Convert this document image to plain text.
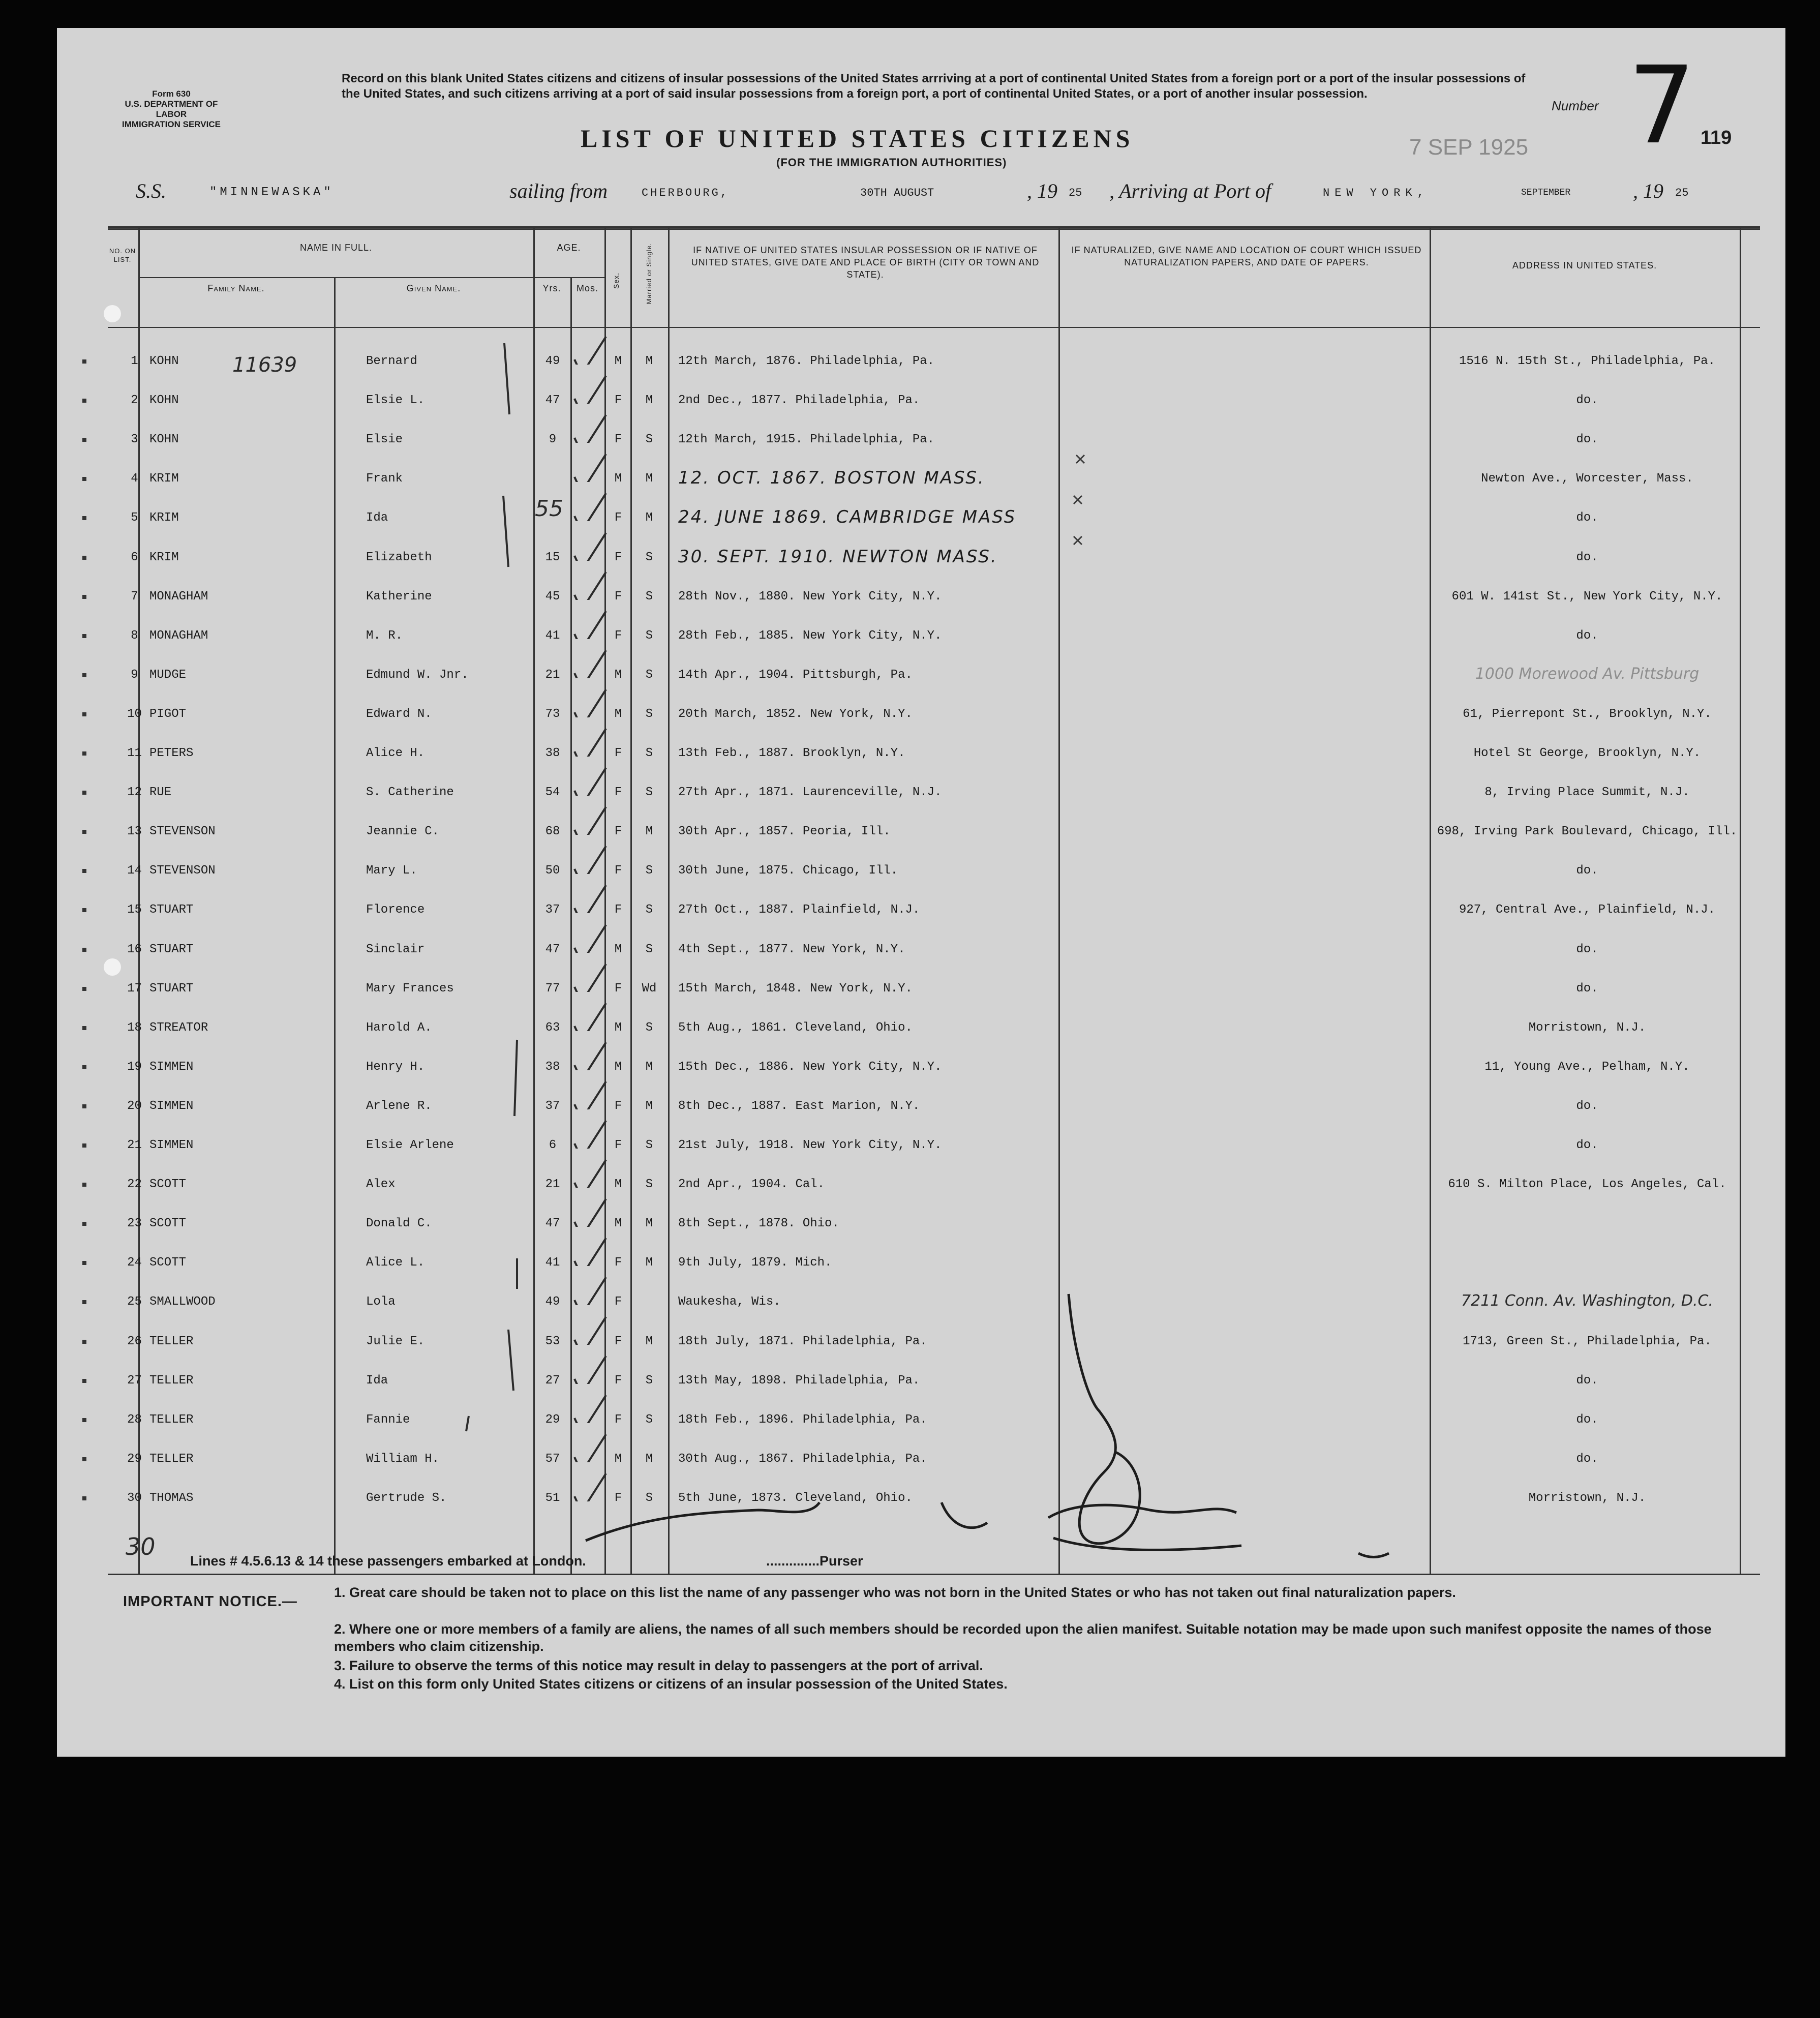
Form 630
U.S. DEPARTMENT OF LABOR
IMMIGRATION SERVICE
Record on this blank United States citizens and citizens of insular possessions of the United States arrriving at a port of continental United States from a foreign port or a port of the insular possessions of the United States, and such citizens arriving at a port of said insular possessions from a foreign port, a port of continental United States, or a port of another insular possession.
Number 7 119
7 SEP 1925
LIST OF UNITED STATES CITIZENS
(FOR THE IMMIGRATION AUTHORITIES)
S.S.	"MINNEWASKA"	sailing from	CHERBOURG,	30TH AUGUST	, 19 25 , Arriving at Port of	NEW YORK,	SEPTEMBER	, 19 25
NO. ON LIST.
NAME IN FULL.
Family Name.	Given Name.
AGE.
Yrs.	Mos.	Sex.	Married or Single.	IF NATIVE OF UNITED STATES INSULAR POSSESSION OR IF NATIVE OF UNITED STATES, GIVE DATE AND PLACE OF BIRTH (CITY OR TOWN AND STATE).
IF NATURALIZED, GIVE NAME AND LOCATION OF COURT WHICH ISSUED NATURALIZATION PAPERS, AND DATE OF PAPERS.	ADDRESS IN UNITED STATES.
1 KOHN	Bernard	49	M	M	12th March, 1876. Philadelphia, Pa.	1516 N. 15th St., Philadelphia, Pa.
2 KOHN	Elsie L.	47	F	M	2nd Dec., 1877. Philadelphia, Pa.	do.
3 KOHN	Elsie	9	F	S	12th March, 1915. Philadelphia, Pa.	do.
4 KRIM	Frank	M	M	12. OCT. 1867. BOSTON MASS.	Newton Ave., Worcester, Mass.
5 KRIM	Ida	F	M	24. JUNE 1869. CAMBRIDGE MASS	do.
6 KRIM	Elizabeth	15	F	S	30. SEPT. 1910. NEWTON MASS.	do.
7 MONAGHAM	Katherine	45	F	S	28th Nov., 1880. New York City, N.Y.	601 W. 141st St., New York City, N.Y.
8 MONAGHAM	M. R.	41	F	S	28th Feb., 1885. New York City, N.Y.	do.
9 MUDGE	Edmund W. Jnr.	21	M	S	14th Apr., 1904. Pittsburgh, Pa.	1000 Morewood Av. Pittsburg
10 PIGOT	Edward N.	73	M	S	20th March, 1852. New York, N.Y.	61, Pierrepont St., Brooklyn, N.Y.
11 PETERS	Alice H.	38	F	S	13th Feb., 1887. Brooklyn, N.Y.	Hotel St George, Brooklyn, N.Y.
12 RUE	S. Catherine	54	F	S	27th Apr., 1871. Laurenceville, N.J.	8, Irving Place Summit, N.J.
13 STEVENSON	Jeannie C.	68	F	M	30th Apr., 1857. Peoria, Ill.	698, Irving Park Boulevard, Chicago, Ill.
14 STEVENSON	Mary L.	50	F	S	30th June, 1875. Chicago, Ill.	do.
15 STUART	Florence	37	F	S	27th Oct., 1887. Plainfield, N.J.	927, Central Ave., Plainfield, N.J.
16 STUART	Sinclair	47	M	S	4th Sept., 1877. New York, N.Y.	do.
17 STUART	Mary Frances	77	F	Wd	15th March, 1848. New York, N.Y.	do.
18 STREATOR	Harold A.	63	M	S	5th Aug., 1861. Cleveland, Ohio.	Morristown, N.J.
19 SIMMEN	Henry H.	38	M	M	15th Dec., 1886. New York City, N.Y.	11, Young Ave., Pelham, N.Y.
20 SIMMEN	Arlene R.	37	F	M	8th Dec., 1887. East Marion, N.Y.	do.
21 SIMMEN	Elsie Arlene	6	F	S	21st July, 1918. New York City, N.Y.	do.
22 SCOTT	Alex	21	M	S	2nd Apr., 1904. Cal.	610 S. Milton Place, Los Angeles, Cal.
23 SCOTT	Donald C.	47	M	M	8th Sept., 1878. Ohio.
24 SCOTT	Alice L.	41	F	M	9th July, 1879. Mich.
25 SMALLWOOD	Lola	49	F	Waukesha, Wis.	7211 Conn. Av. Washington, D.C.
26 TELLER	Julie E.	53	F	M	18th July, 1871. Philadelphia, Pa.	1713, Green St., Philadelphia, Pa.
27 TELLER	Ida	27	F	S	13th May, 1898. Philadelphia, Pa.	do.
28 TELLER	Fannie	29	F	S	18th Feb., 1896. Philadelphia, Pa.	do.
29 TELLER	William H.	57	M	M	30th Aug., 1867. Philadelphia, Pa.	do.
30 THOMAS	Gertrude S.	51	F	S	5th June, 1873. Cleveland, Ohio.	Morristown, N.J.
11639
55
Lines # 4.5.6.13 & 14 these passengers embarked at London.	..............Purser
30
IMPORTANT NOTICE.—
1. Great care should be taken not to place on this list the name of any passenger who was not born in the United States or who has not taken out final naturalization papers.
2. Where one or more members of a family are aliens, the names of all such members should be recorded upon the alien manifest. Suitable notation may be made upon such manifest opposite the names of those members who claim citizenship.
3. Failure to observe the terms of this notice may result in delay to passengers at the port of arrival.
4. List on this form only United States citizens or citizens of an insular possession of the United States.
